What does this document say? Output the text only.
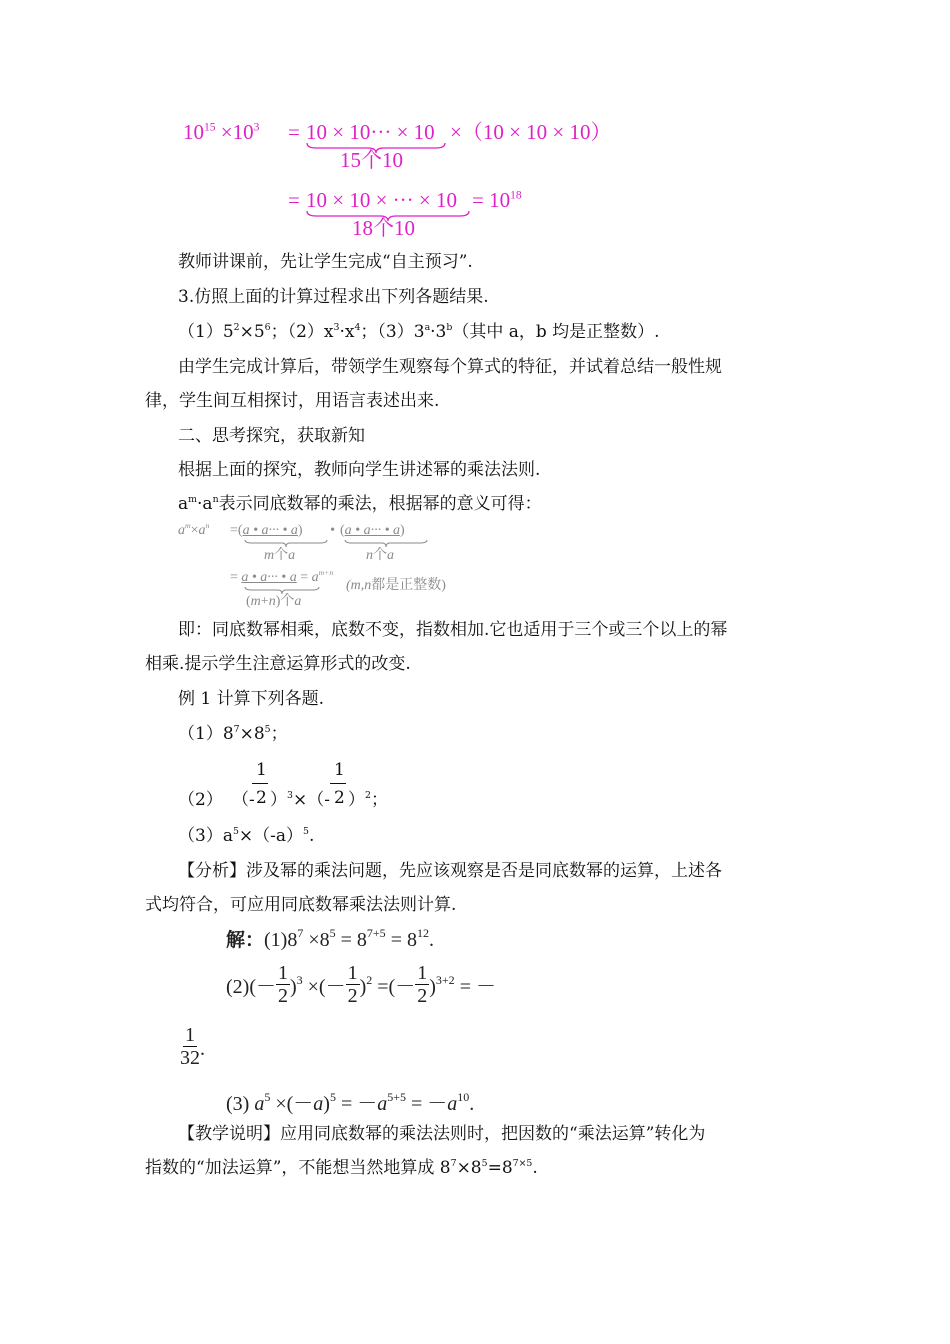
$10^{15} \times 10^3 = 10 \times 10\cdot\cdot\cdot \times 10 \times(10 \times 10 \times 10)$
15个10
= 10 × 10 × ··· × $10 = 10^{18}$
18个10
教师讲课前，先让学生完成“自主预习”.
3.仿照上面的计算过程求出下列各题结果.
$(1)5^2\times 5^6$；$(2)x^3\cdot x^4$；$(3)3^a\cdot 3^b$（其中 a，b 均是正整数）.
由学生完成计算后，带领学生观察每个算式的特征，并试着总结一般性规
律，学生间互相探讨，用语言表述出来.
二、思考探究，获取新知
根据上面的探究，教师向学生讲述幂的乘法法则.
$a^m\cdot a^n$表示同底数幂的乘法，根据幂的意义可得：
$a^m\times a^n =(a$ • a··· • a) • (a • a··· • a)
m个a	n个a
= a • a··· • $a = a^{m+n}$
(m,n都是正整数)
(m+n)个a
即：同底数幂相乘，底数不变，指数相加.它也适用于三个或三个以上的幂
相乘.提示学生注意运算形式的改变.
例 1 计算下列各题.
$(1)8^7\times 8^5$；
（2） （-
1
2 ）$^3$×（-
1
2 ）$^2$；
$(3)a^5\times(-a)^5$.
【分析】涉及幂的乘法问题，先应该观察是否是同底数幂的运算，上述各
式均符合，可应用同底数幂乘法法则计算.
解：$(1)8^7 \times 8^5 = 8^{7+5} = 8^{12}$.
$(2)(- \frac{1}{2} )^3$ ×(－ $\frac{1}{2} )^2$ =(－ $\frac{1}{2} )^{3+2}$ = －
$\frac{1}{32}$ .
(3) $a^5 \times(-a)^5 = -a^{5+5} = -a^{10}$.
【教学说明】应用同底数幂的乘法法则时，把因数的“乘法运算”转化为
指数的“加法运算”，不能想当然地算成 $8^7\times 8^5=8^{7\times 5}$.
